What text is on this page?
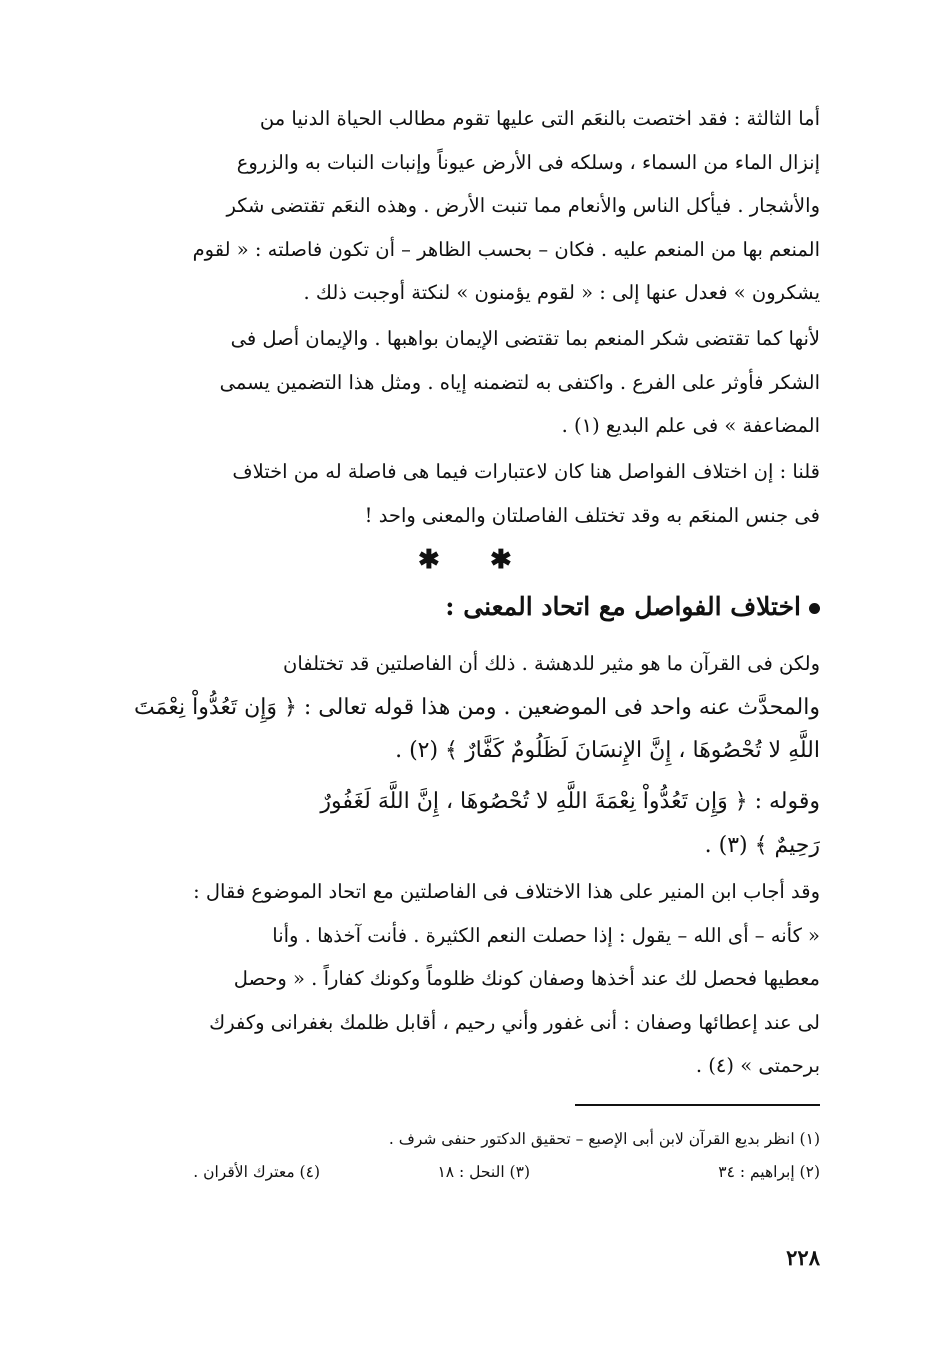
أما الثالثة : فقد اختصت بالنعَم التى عليها تقوم مطالب الحياة الدنيا من
إنزال الماء من السماء ، وسلكه فى الأرض عيوناً وإنبات النبات به والزروع
والأشجار . فيأكل الناس والأنعام مما تنبت الأرض . وهذه النعَم تقتضى شكر
المنعم بها من المنعم عليه . فكان – بحسب الظاهر – أن تكون فاصلته : « لقوم
يشكرون » فعدل عنها إلى : « لقوم يؤمنون » لنكتة أوجبت ذلك .
لأنها كما تقتضى شكر المنعم بما تقتضى الإيمان بواهبها . والإيمان أصل فى
الشكر فأوثر على الفرع . واكتفى به لتضمنه إياه . ومثل هذا التضمين يسمى
المضاعفة » فى علم البديع (١) .
قلنا : إن اختلاف الفواصل هنا كان لاعتبارات فيما هى فاصلة له من اختلاف
فى جنس المنعَم به وقد تختلف الفاصلتان والمعنى واحد !
✱ ✱
اختلاف الفواصل مع اتحاد المعنى :
ولكن فى القرآن ما هو مثير للدهشة . ذلك أن الفاصلتين قد تختلفان
والمحدَّث عنه واحد فى الموضعين . ومن هذا قوله تعالى : ﴿ وَإِن تَعُدُّواْ نِعْمَتَ
اللَّهِ لا تُحْصُوهَا ، إِنَّ الإِنسَانَ لَظَلُومٌ كَفَّارٌ ﴾ (٢) .
وقوله : ﴿ وَإِن تَعُدُّواْ نِعْمَةَ اللَّهِ لا تُحْصُوهَا ، إِنَّ اللَّهَ لَغَفُورٌ
رَحِيمٌ ﴾ (٣) .
وقد أجاب ابن المنير على هذا الاختلاف فى الفاصلتين مع اتحاد الموضوع فقال :
« كأنه – أى الله – يقول : إذا حصلت النعم الكثيرة . فأنت آخذها . وأنا
معطيها فحصل لك عند أخذها وصفان كونك ظلوماً وكونك كفاراً . « وحصل
لى عند إعطائها وصفان : أنى غفور وأني رحيم ، أقابل ظلمك بغفرانى وكفرك
برحمتى » (٤) .

(١) انظر بديع القرآن لابن أبى الإصبع – تحقيق الدكتور حنفى شرف .

(٢) إبراهيم : ٣٤
(٣) النحل : ١٨
(٤) معترك الأقران .
٢٢٨
